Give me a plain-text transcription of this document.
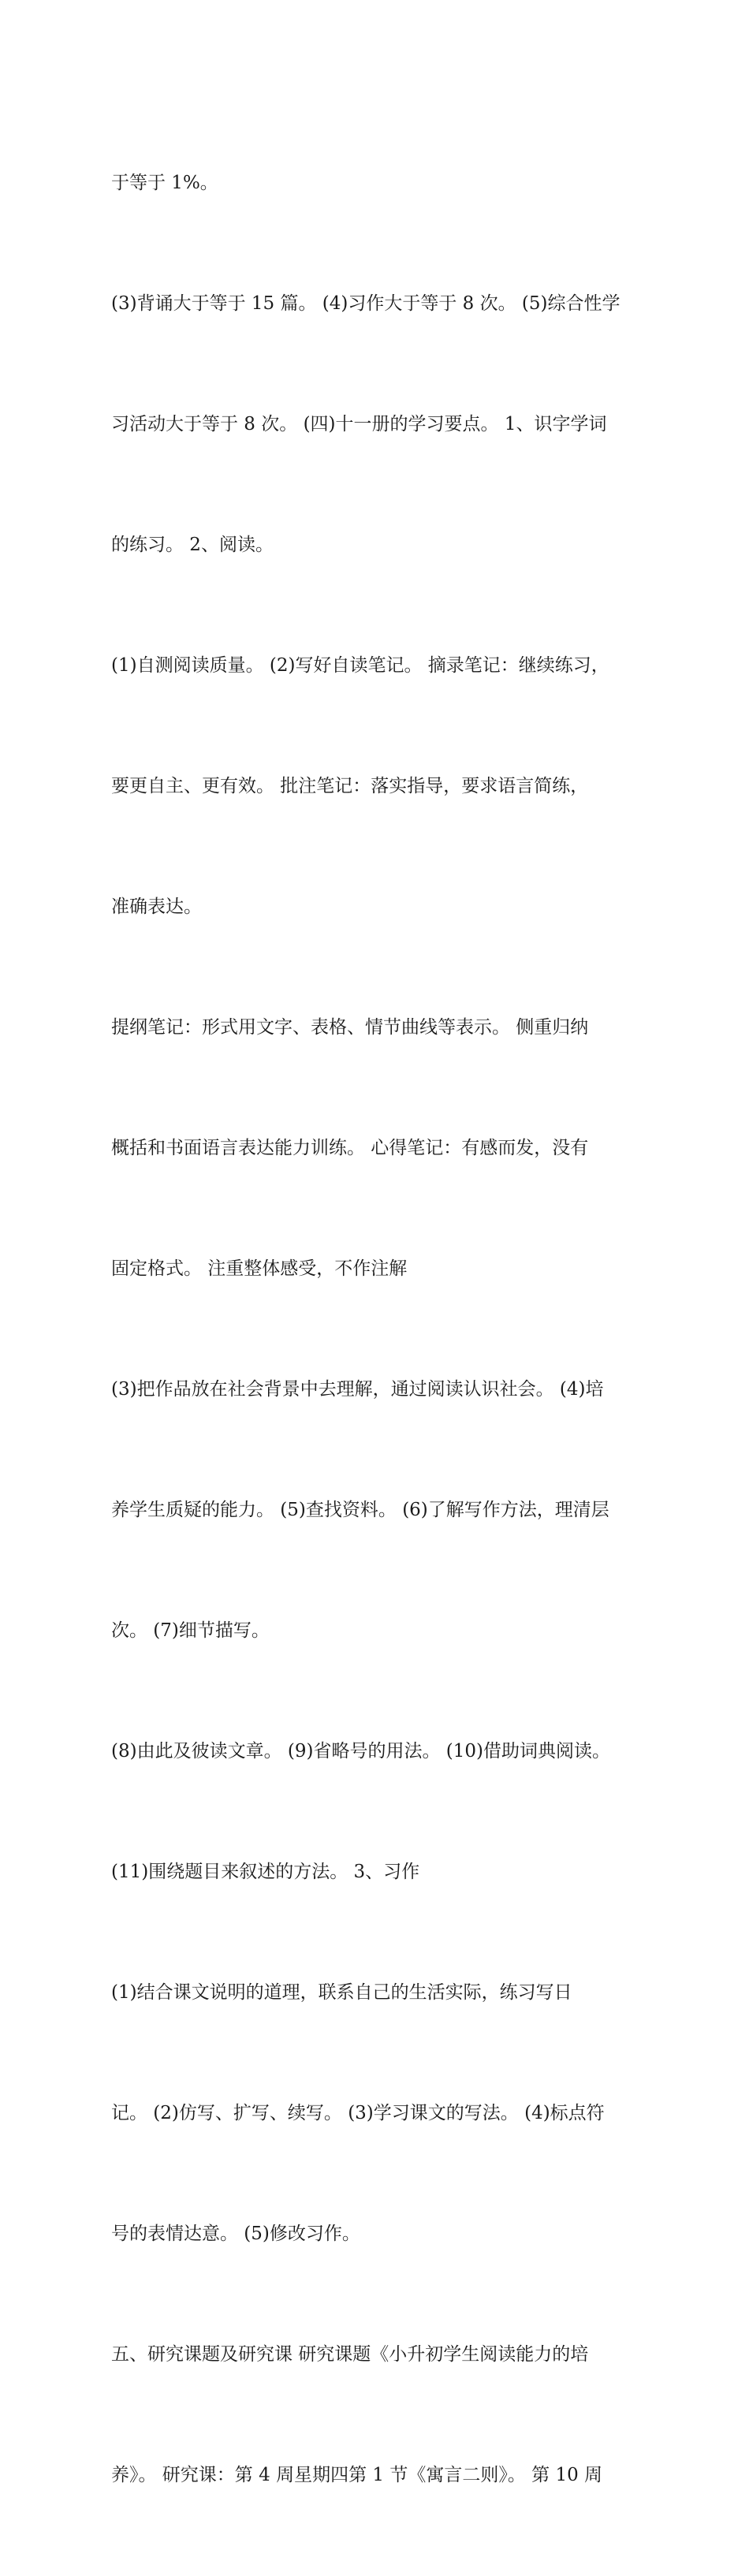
于等于 1%。

(3)背诵大于等于 15 篇。 (4)习作大于等于 8 次。 (5)综合性学

习活动大于等于 8 次。 (四)十一册的学习要点。 1、识字学词

的练习。 2、阅读。

(1)自测阅读质量。 (2)写好自读笔记。 摘录笔记：继续练习，

要更自主、更有效。 批注笔记：落实指导，要求语言简练，

准确表达。

提纲笔记：形式用文字、表格、情节曲线等表示。 侧重归纳

概括和书面语言表达能力训练。 心得笔记：有感而发，没有

固定格式。 注重整体感受，不作注解

(3)把作品放在社会背景中去理解，通过阅读认识社会。 (4)培

养学生质疑的能力。 (5)查找资料。 (6)了解写作方法，理清层

次。 (7)细节描写。

(8)由此及彼读文章。 (9)省略号的用法。 (10)借助词典阅读。

(11)围绕题目来叙述的方法。 3、习作

(1)结合课文说明的道理，联系自己的生活实际，练习写日

记。 (2)仿写、扩写、续写。 (3)学习课文的写法。 (4)标点符

号的表情达意。 (5)修改习作。

五、研究课题及研究课 研究课题《小升初学生阅读能力的培

养》。 研究课：第 4 周星期四第 1 节《寓言二则》。 第 10 周
